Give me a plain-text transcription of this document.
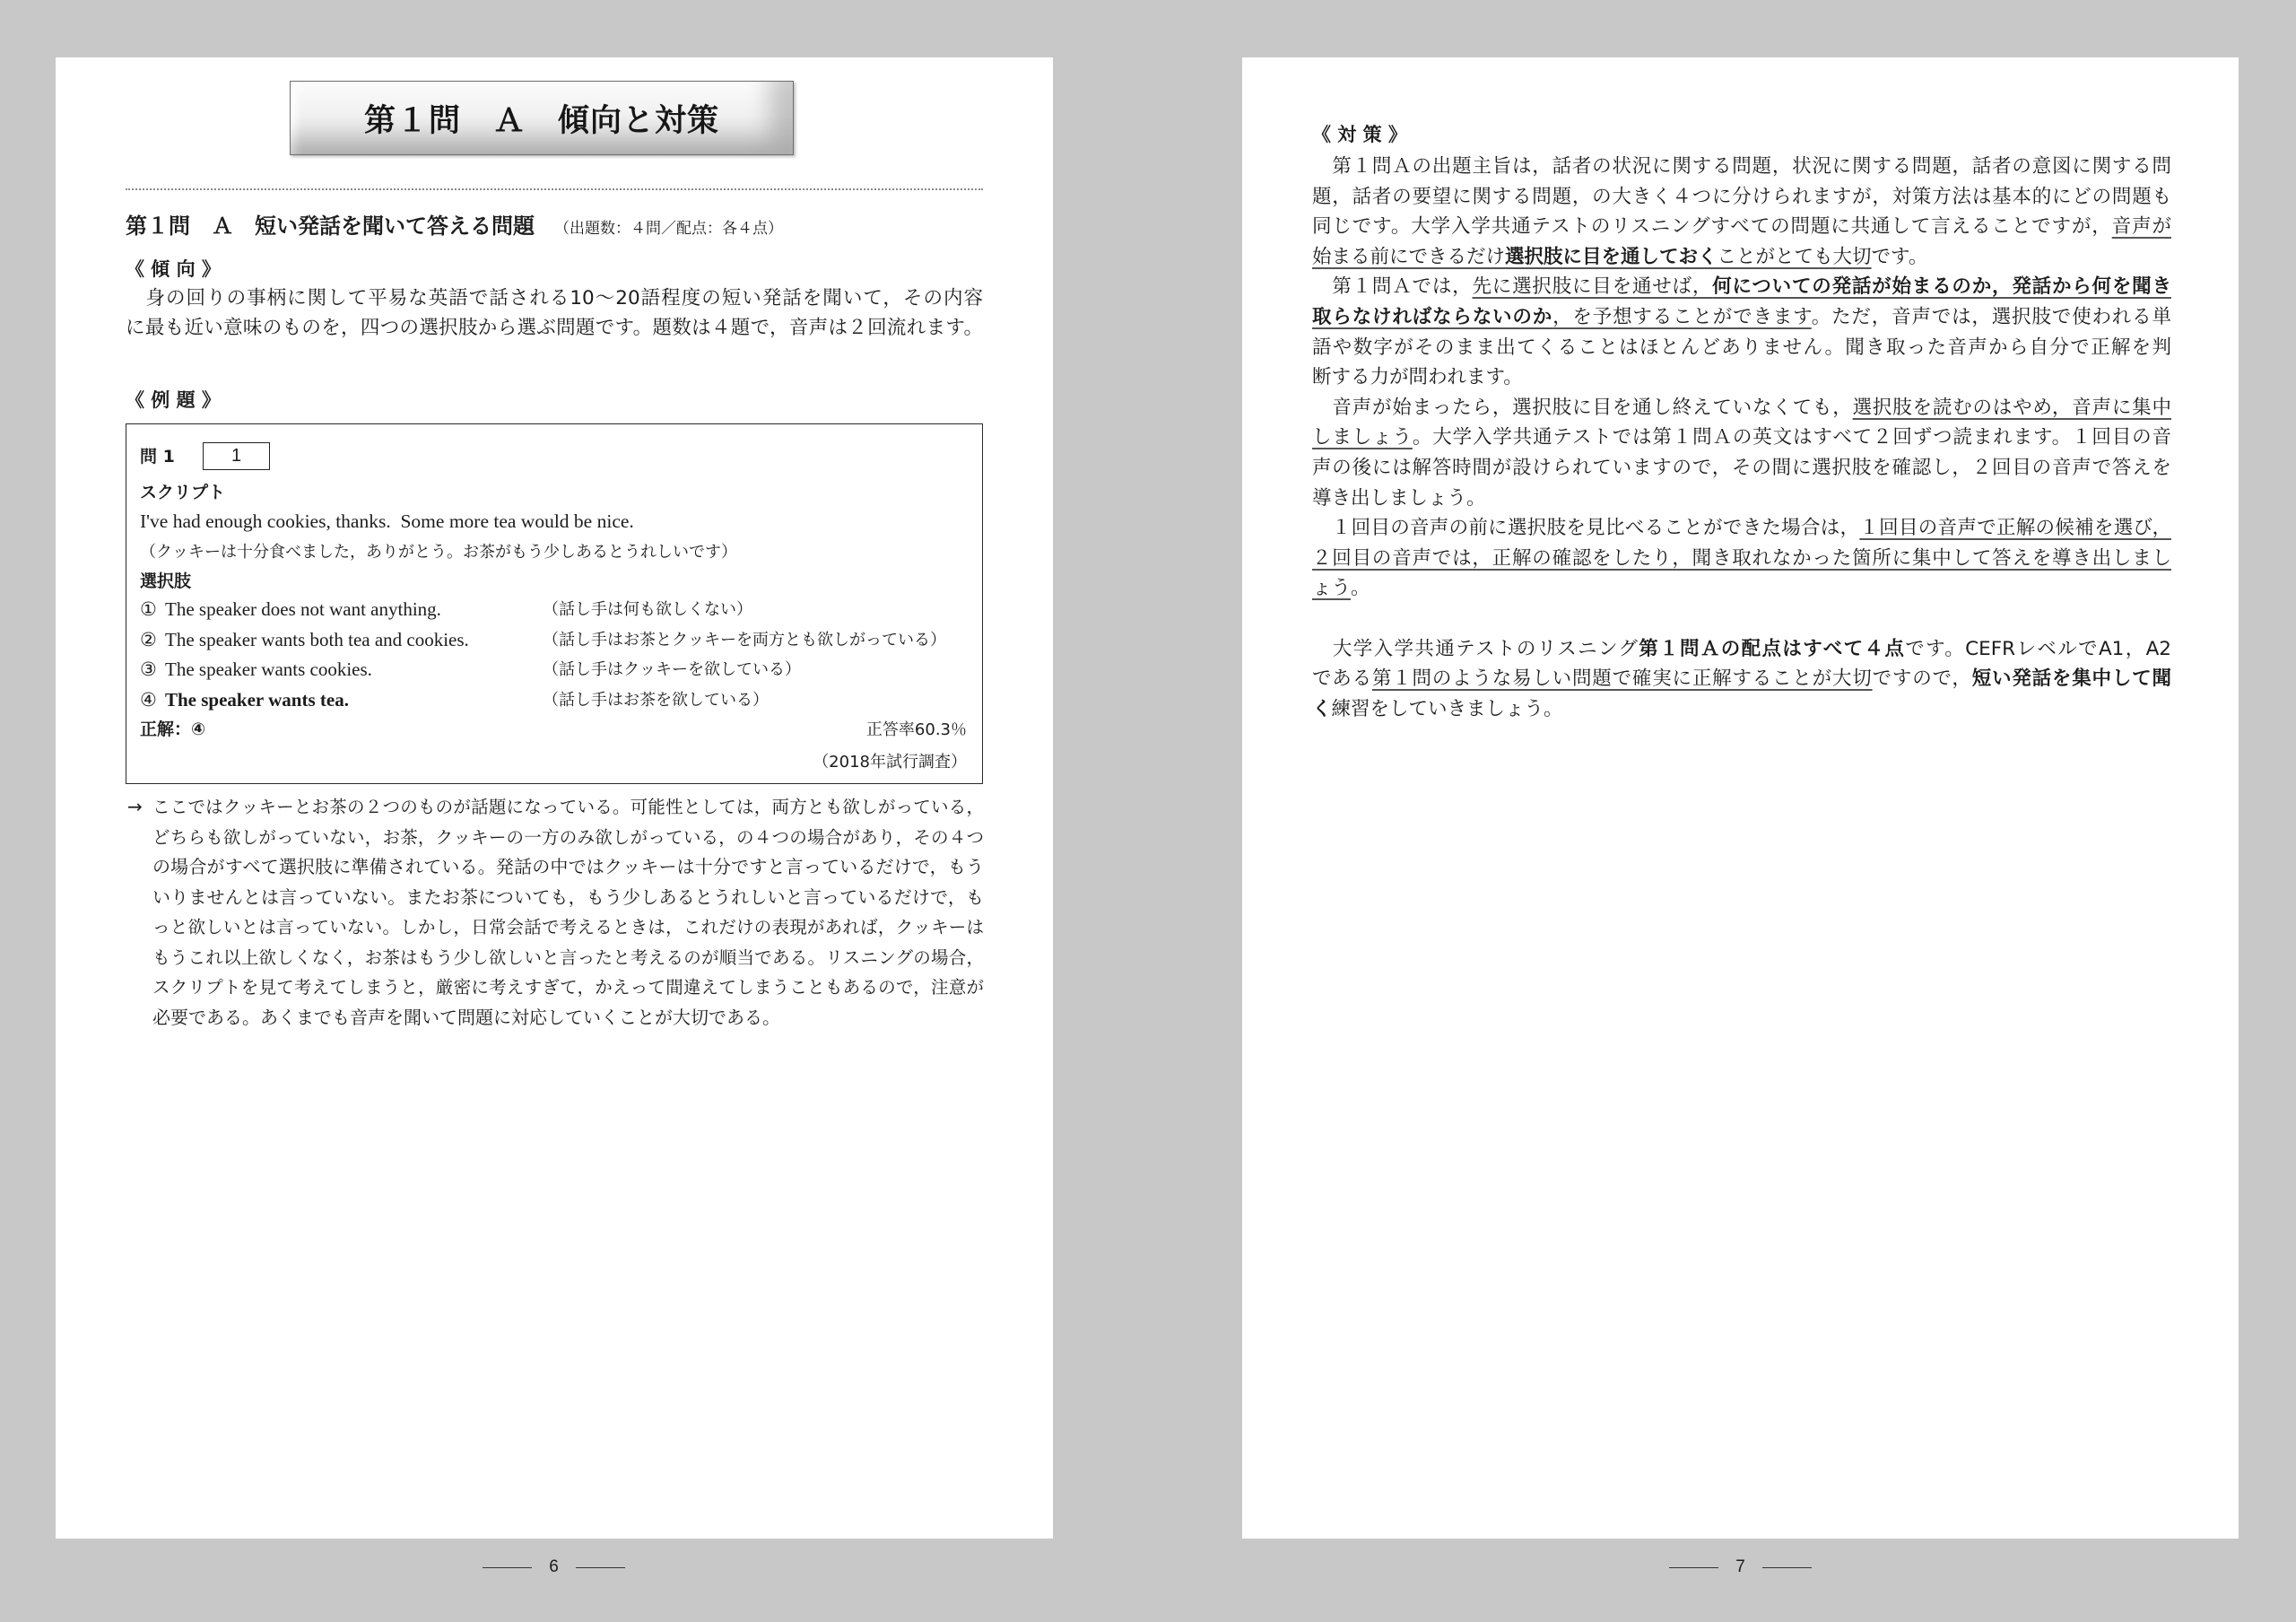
第１問　Ａ　傾向と対策
第１問　Ａ　短い発話を聞いて答える問題 （出題数：４問／配点：各４点）
《 傾 向 》
　身の回りの事柄に関して平易な英語で話される10〜20語程度の短い発話を聞いて，その内容
に最も近い意味のものを，四つの選択肢から選ぶ問題です。題数は４題で，音声は２回流れます。
《 例 題 》
問 1	1
スクリプト
I've had enough cookies, thanks.  Some more tea would be nice.
（クッキーは十分食べました，ありがとう。お茶がもう少しあるとうれしいです）
選択肢
① The speaker does not want anything.	（話し手は何も欲しくない）
② The speaker wants both tea and cookies.	（話し手はお茶とクッキーを両方とも欲しがっている）
③ The speaker wants cookies.	（話し手はクッキーを欲している）
④ The speaker wants tea.	（話し手はお茶を欲している）
正解：④	正答率60.3％
（2018年試行調査）
→ ここではクッキーとお茶の２つのものが話題になっている。可能性としては，両方とも欲しがっている，
どちらも欲しがっていない，お茶，クッキーの一方のみ欲しがっている，の４つの場合があり，その４つ
の場合がすべて選択肢に準備されている。発話の中ではクッキーは十分ですと言っているだけで，もう
いりませんとは言っていない。またお茶についても，もう少しあるとうれしいと言っているだけで，も
っと欲しいとは言っていない。しかし，日常会話で考えるときは，これだけの表現があれば，クッキーは
もうこれ以上欲しくなく，お茶はもう少し欲しいと言ったと考えるのが順当である。リスニングの場合，
スクリプトを見て考えてしまうと，厳密に考えすぎて，かえって間違えてしまうこともあるので，注意が
必要である。あくまでも音声を聞いて問題に対応していくことが大切である。
《 対 策 》
　第１問Ａの出題主旨は，話者の状況に関する問題，状況に関する問題，話者の意図に関する問
題，話者の要望に関する問題，の大きく４つに分けられますが，対策方法は基本的にどの問題も
同じです。大学入学共通テストのリスニングすべての問題に共通して言えることですが，音声が
始まる前にできるだけ選択肢に目を通しておくことがとても大切です。
　第１問Ａでは，先に選択肢に目を通せば，何についての発話が始まるのか，発話から何を聞き
取らなければならないのか，を予想することができます。ただ，音声では，選択肢で使われる単
語や数字がそのまま出てくることはほとんどありません。聞き取った音声から自分で正解を判
断する力が問われます。
　音声が始まったら，選択肢に目を通し終えていなくても，選択肢を読むのはやめ，音声に集中
しましょう。大学入学共通テストでは第１問Ａの英文はすべて２回ずつ読まれます。１回目の音
声の後には解答時間が設けられていますので，その間に選択肢を確認し，２回目の音声で答えを
導き出しましょう。
　１回目の音声の前に選択肢を見比べることができた場合は，１回目の音声で正解の候補を選び，
２回目の音声では，正解の確認をしたり，聞き取れなかった箇所に集中して答えを導き出しまし
ょう。
　大学入学共通テストのリスニング第１問Ａの配点はすべて４点です。CEFRレベルでA1，A2
である第１問のような易しい問題で確実に正解することが大切ですので，短い発話を集中して聞
く練習をしていきましょう。
6	7
